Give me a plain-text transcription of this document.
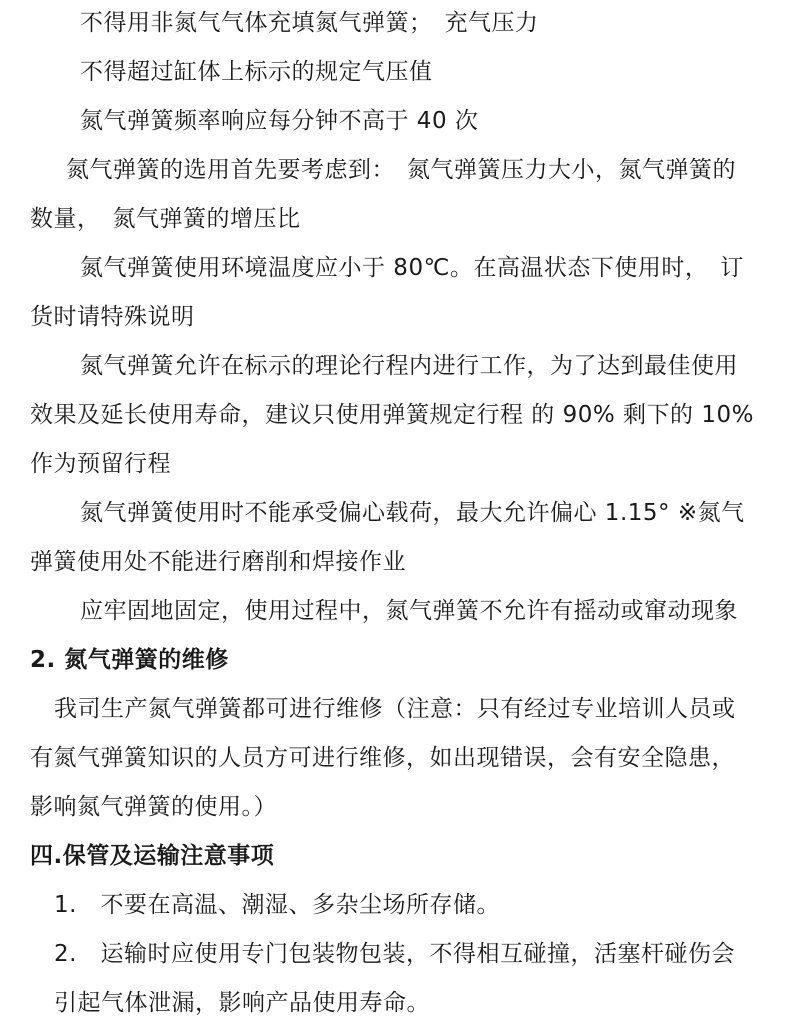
不得用非氮气气体充填氮气弹簧；　充气压力
不得超过缸体上标示的规定气压值
氮气弹簧频率响应每分钟不高于 40 次
氮气弹簧的选用首先要考虑到：　氮气弹簧压力大小，氮气弹簧的
数量，　氮气弹簧的增压比
氮气弹簧使用环境温度应小于 80℃。在高温状态下使用时，　订
货时请特殊说明
氮气弹簧允许在标示的理论行程内进行工作，为了达到最佳使用
效果及延长使用寿命，建议只使用弹簧规定行程 的 90% 剩下的 10%
作为预留行程
氮气弹簧使用时不能承受偏心载荷，最大允许偏心 1.15° ※氮气
弹簧使用处不能进行磨削和焊接作业
应牢固地固定，使用过程中，氮气弹簧不允许有摇动或窜动现象
2. 氮气弹簧的维修
我司生产氮气弹簧都可进行维修（注意：只有经过专业培训人员或
有氮气弹簧知识的人员方可进行维修，如出现错误，会有安全隐患，
影响氮气弹簧的使用。）
四.保管及运输注意事项
1.　不要在高温、潮湿、多杂尘场所存储。
2.　运输时应使用专门包装物包装，不得相互碰撞，活塞杆碰伤会
引起气体泄漏，影响产品使用寿命。
